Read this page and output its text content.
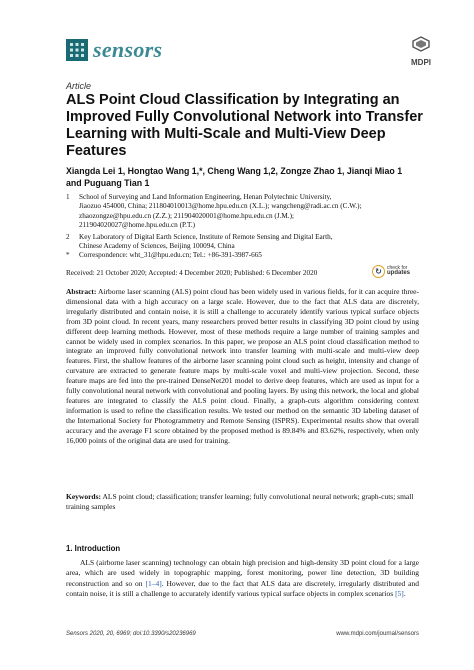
sensors
MDPI
Article
ALS Point Cloud Classification by Integrating an Improved Fully Convolutional Network into Transfer Learning with Multi-Scale and Multi-View Deep Features
Xiangda Lei 1, Hongtao Wang 1,*, Cheng Wang 1,2, Zongze Zhao 1, Jianqi Miao 1
and Puguang Tian 1
1	School of Surveying and Land Information Engineering, Henan Polytechnic University,
Jiaozuo 454000, China; 211804010013@home.hpu.edu.cn (X.L.); wangcheng@radi.ac.cn (C.W.);
zhaozongze@hpu.edu.cn (Z.Z.); 211904020001@home.hpu.edu.cn (J.M.);
211904020027@home.hpu.edu.cn (P.T.)
2	Key Laboratory of Digital Earth Science, Institute of Remote Sensing and Digital Earth,
Chinese Academy of Sciences, Beijing 100094, China
*	Correspondence: wht_31@hpu.edu.cn; Tel.: +86-391-3987-665
Received: 21 October 2020; Accepted: 4 December 2020; Published: 6 December 2020	↻	check for
updates

Abstract: Airborne laser scanning (ALS) point cloud has been widely used in various fields, for it can acquire three-dimensional data with a high accuracy on a large scale. However, due to the fact that ALS data are discretely, irregularly distributed and contain noise, it is still a challenge to accurately identify various typical surface objects from 3D point cloud. In recent years, many researchers proved better results in classifying 3D point cloud by using different deep learning methods. However, most of these methods require a large number of training samples and cannot be widely used in complex scenarios. In this paper, we propose an ALS point cloud classification method to integrate an improved fully convolutional network into transfer learning with multi-scale and multi-view deep features. First, the shallow features of the airborne laser scanning point cloud such as height, intensity and change of curvature are extracted to generate feature maps by multi-scale voxel and multi-view projection. Second, these feature maps are fed into the pre-trained DenseNet201 model to derive deep features, which are used as input for a fully convolutional neural network with convolutional and pooling layers. By using this network, the local and global features are integrated to classify the ALS point cloud. Finally, a graph-cuts algorithm considering context information is used to refine the classification results. We tested our method on the semantic 3D labeling dataset of the International Society for Photogrammetry and Remote Sensing (ISPRS). Experimental results show that overall accuracy and the average F1 score obtained by the proposed method is 89.84% and 83.62%, respectively, when only 16,000 points of the original data are used for training.

Keywords: ALS point cloud; classification; transfer learning; fully convolutional neural network; graph-cuts; small training samples

1. Introduction

ALS (airborne laser scanning) technology can obtain high precision and high-density 3D point cloud for a large area, which are used widely in topographic mapping, forest monitoring, power line detection, 3D building reconstruction and so on [1–4]. However, due to the fact that ALS data are discretely, irregularly distributed and contain noise, it is still a challenge to accurately identify various typical surface objects in complex scenarios [5].

Sensors 2020, 20, 6969; doi:10.3390/s20236969	www.mdpi.com/journal/sensors
